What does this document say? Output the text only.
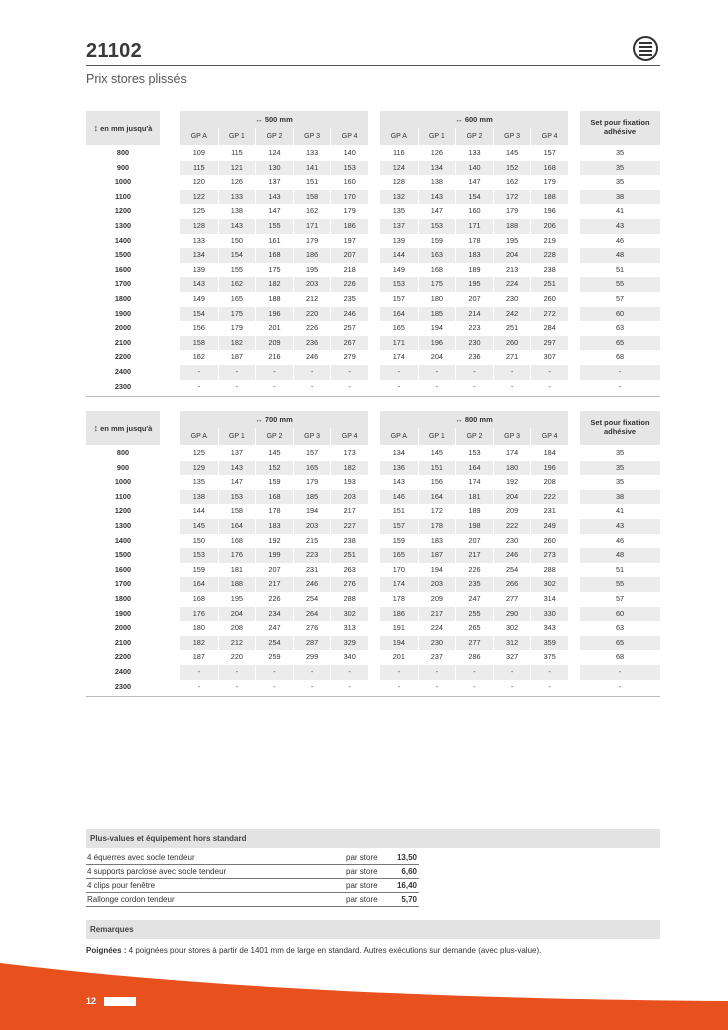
21102
Prix stores plissés
↕ en mm jusqu'à
↔ 500 mm
GP A	GP 1	GP 2	GP 3	GP 4
↔ 600 mm
GP A	GP 1	GP 2	GP 3	GP 4
Set pour fixation adhésive
800	109	115	124	133	140	116	126	133	145	157	35
900	115	121	130	141	153	124	134	140	152	168	35
1000	120	126	137	151	160	128	138	147	162	179	35
1100	122	133	143	158	170	132	143	154	172	188	38
1200	125	138	147	162	179	135	147	160	179	196	41
1300	128	143	155	171	186	137	153	171	188	206	43
1400	133	150	161	179	197	139	159	178	195	219	46
1500	134	154	168	186	207	144	163	183	204	228	48
1600	139	155	175	195	218	149	168	189	213	238	51
1700	143	162	182	203	226	153	175	195	224	251	55
1800	149	165	188	212	235	157	180	207	230	260	57
1900	154	175	196	220	246	164	185	214	242	272	60
2000	156	179	201	226	257	165	194	223	251	284	63
2100	158	182	209	236	267	171	196	230	260	297	65
2200	162	187	216	246	279	174	204	236	271	307	68
2400	-	-	-	-	-	-	-	-	-	-	-
2300	-	-	-	-	-	-	-	-	-	-	-
↕ en mm jusqu'à
↔ 700 mm
GP A	GP 1	GP 2	GP 3	GP 4
↔ 800 mm
GP A	GP 1	GP 2	GP 3	GP 4
Set pour fixation adhésive
800	125	137	145	157	173	134	145	153	174	184	35
900	129	143	152	165	182	136	151	164	180	196	35
1000	135	147	159	179	193	143	156	174	192	208	35
1100	138	153	168	185	203	146	164	181	204	222	38
1200	144	158	178	194	217	151	172	189	209	231	41
1300	145	164	183	203	227	157	178	198	222	249	43
1400	150	168	192	215	238	159	183	207	230	260	46
1500	153	176	199	223	251	165	187	217	246	273	48
1600	159	181	207	231	263	170	194	226	254	288	51
1700	164	188	217	246	276	174	203	235	266	302	55
1800	168	195	226	254	288	178	209	247	277	314	57
1900	176	204	234	264	302	186	217	255	290	330	60
2000	180	208	247	276	313	191	224	265	302	343	63
2100	182	212	254	287	329	194	230	277	312	359	65
2200	187	220	259	299	340	201	237	286	327	375	68
2400	-	-	-	-	-	-	-	-	-	-	-
2300	-	-	-	-	-	-	-	-	-	-	-
Plus-values et équipement hors standard
4 équerres avec socle tendeur	par store 13,50
4 supports parclose avec socle tendeur	par store	6,60
4 clips pour fenêtre	par store 16,40
Rallonge cordon tendeur	par store	5,70
Remarques
Poignées : 4 poignées pour stores à partir de 1401 mm de large en standard. Autres exécutions sur demande (avec plus-value).
12
